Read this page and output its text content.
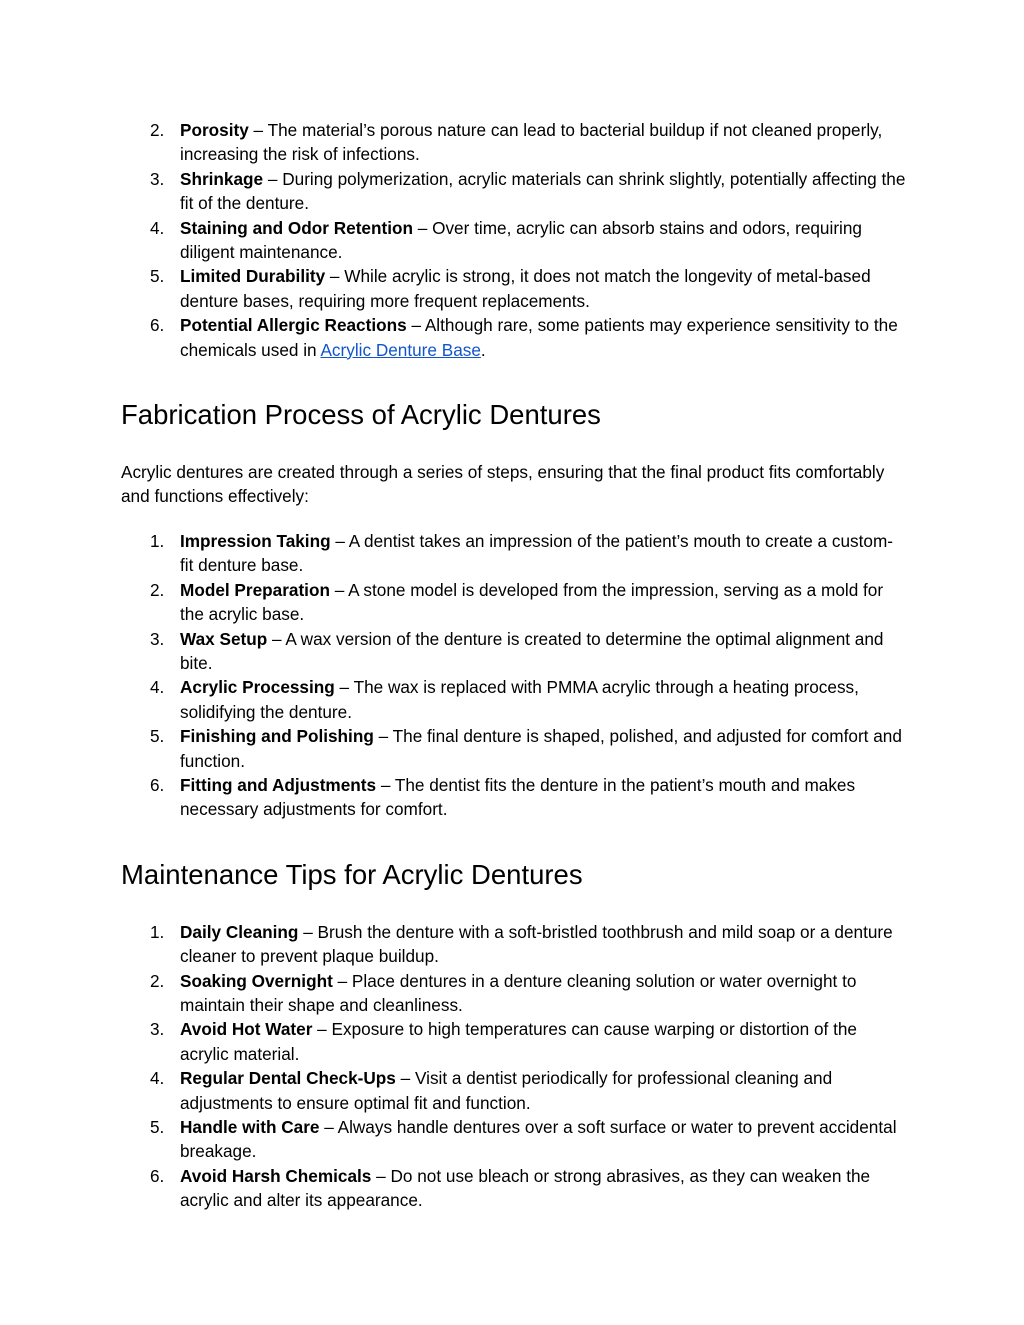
2. Porosity – The material’s porous nature can lead to bacterial buildup if not cleaned properly, increasing the risk of infections.
3. Shrinkage – During polymerization, acrylic materials can shrink slightly, potentially affecting the fit of the denture.
4. Staining and Odor Retention – Over time, acrylic can absorb stains and odors, requiring diligent maintenance.
5. Limited Durability – While acrylic is strong, it does not match the longevity of metal-based denture bases, requiring more frequent replacements.
6. Potential Allergic Reactions – Although rare, some patients may experience sensitivity to the chemicals used in Acrylic Denture Base.
Fabrication Process of Acrylic Dentures

Acrylic dentures are created through a series of steps, ensuring that the final product fits comfortably and functions effectively:

1. Impression Taking – A dentist takes an impression of the patient’s mouth to create a custom-fit denture base.
2. Model Preparation – A stone model is developed from the impression, serving as a mold for the acrylic base.
3. Wax Setup – A wax version of the denture is created to determine the optimal alignment and bite.
4. Acrylic Processing – The wax is replaced with PMMA acrylic through a heating process, solidifying the denture.
5. Finishing and Polishing – The final denture is shaped, polished, and adjusted for comfort and function.
6. Fitting and Adjustments – The dentist fits the denture in the patient’s mouth and makes necessary adjustments for comfort.
Maintenance Tips for Acrylic Dentures
1. Daily Cleaning – Brush the denture with a soft-bristled toothbrush and mild soap or a denture cleaner to prevent plaque buildup.
2. Soaking Overnight – Place dentures in a denture cleaning solution or water overnight to maintain their shape and cleanliness.
3. Avoid Hot Water – Exposure to high temperatures can cause warping or distortion of the acrylic material.
4. Regular Dental Check-Ups – Visit a dentist periodically for professional cleaning and adjustments to ensure optimal fit and function.
5. Handle with Care – Always handle dentures over a soft surface or water to prevent accidental breakage.
6. Avoid Harsh Chemicals – Do not use bleach or strong abrasives, as they can weaken the acrylic and alter its appearance.
